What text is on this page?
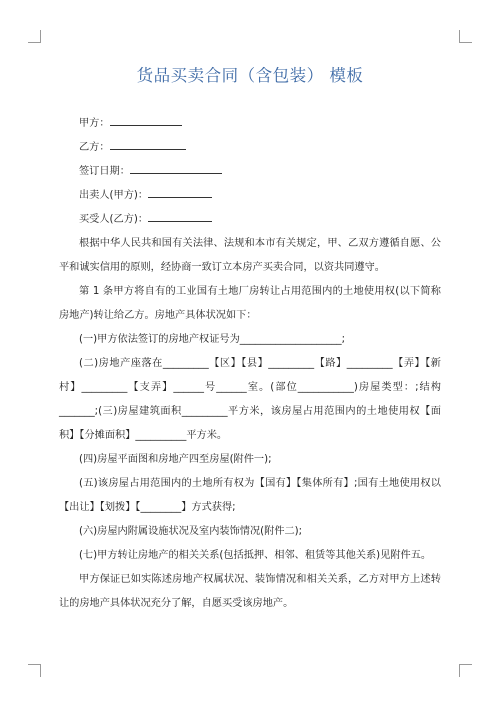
货品买卖合同（含包装） 模板
甲方：
乙方：
签订日期：
出卖人(甲方)：
买受人(乙方)：

根据中华人民共和国有关法律、法规和本市有关规定，甲、乙双方遵循自愿、公平和诚实信用的原则，经协商一致订立本房产买卖合同，以资共同遵守。

第 1 条甲方将自有的工业国有土地厂房转让占用范围内的土地使用权(以下简称房地产)转让给乙方。房地产具体状况如下：

(一)甲方依法签订的房地产权证号为____________________;

(二)房地产座落在_________【区】【县】_________【路】_________【弄】【新村】_________【支弄】______号______室。(部位___________)房屋类型：;结构_______;(三)房屋建筑面积_________平方米，该房屋占用范围内的土地使用权【面积】【分摊面积】__________平方米。

(四)房屋平面图和房地产四至房屋(附件一);

(五)该房屋占用范围内的土地所有权为【国有】【集体所有】;国有土地使用权以【出让】【划拨】【________】方式获得;

(六)房屋内附属设施状况及室内装饰情况(附件二);

(七)甲方转让房地产的相关关系(包括抵押、相邻、租赁等其他关系)见附件五。

甲方保证已如实陈述房地产权属状况、装饰情况和相关关系，乙方对甲方上述转让的房地产具体状况充分了解，自愿买受该房地产。
